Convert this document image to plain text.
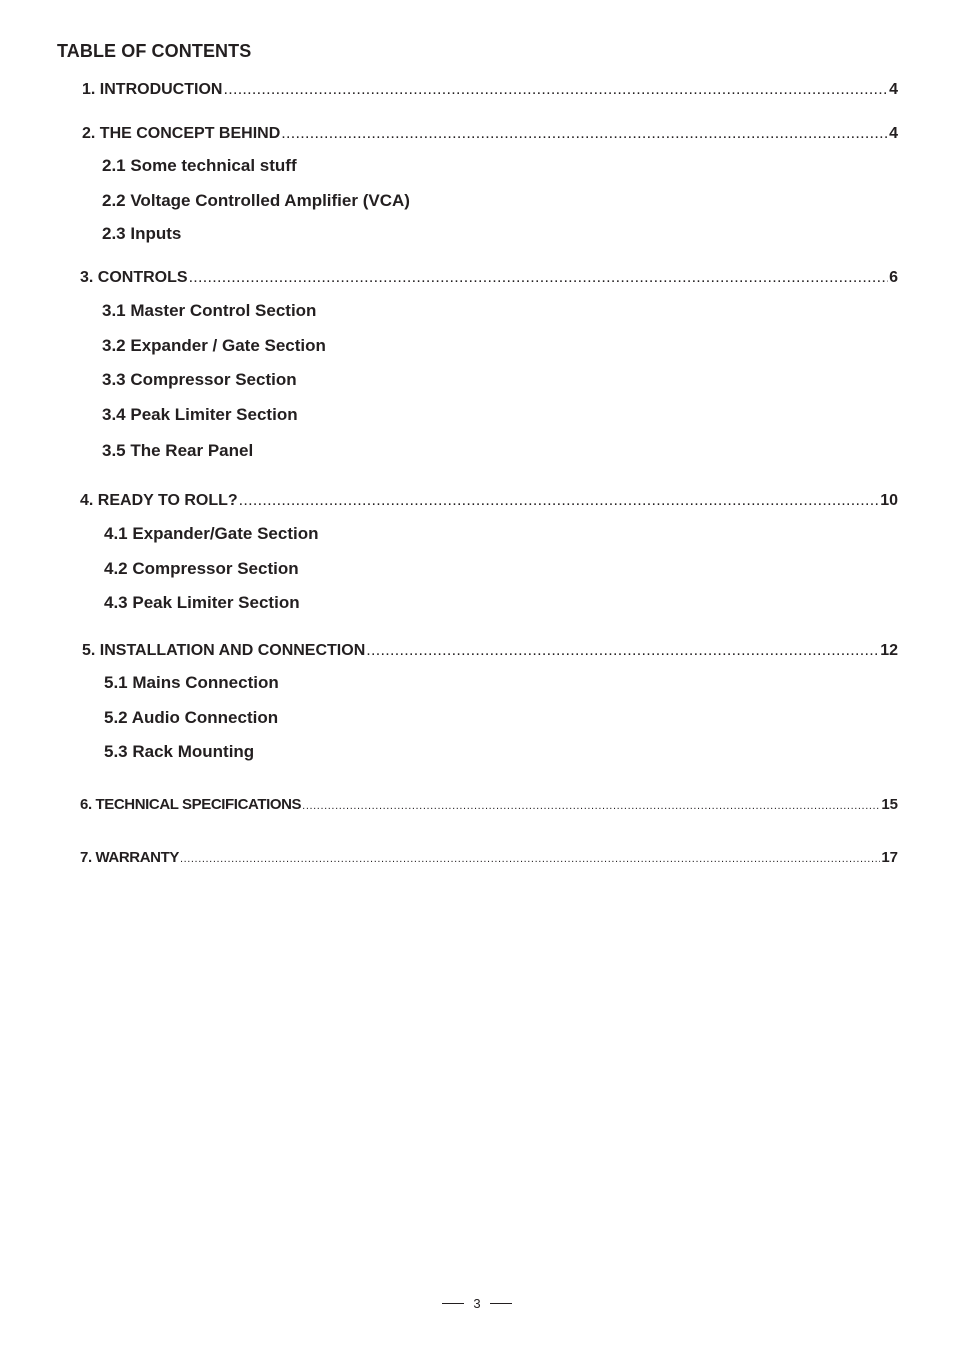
TABLE OF CONTENTS
1. INTRODUCTION .....	4
2. THE CONCEPT BEHIND .....	4
2.1 Some technical stuff
2.2 Voltage Controlled Amplifier (VCA)
2.3 Inputs
3. CONTROLS .....	6
3.1 Master Control Section
3.2 Expander / Gate Section
3.3 Compressor Section
3.4 Peak Limiter Section
3.5 The Rear Panel
4. READY TO ROLL? .....	10
4.1 Expander/Gate Section
4.2 Compressor Section
4.3 Peak Limiter Section
5. INSTALLATION AND CONNECTION .....	12
5.1 Mains Connection
5.2 Audio Connection
5.3 Rack Mounting
6. TECHNICAL SPECIFICATIONS .....	15
7. WARRANTY .....	17
3
